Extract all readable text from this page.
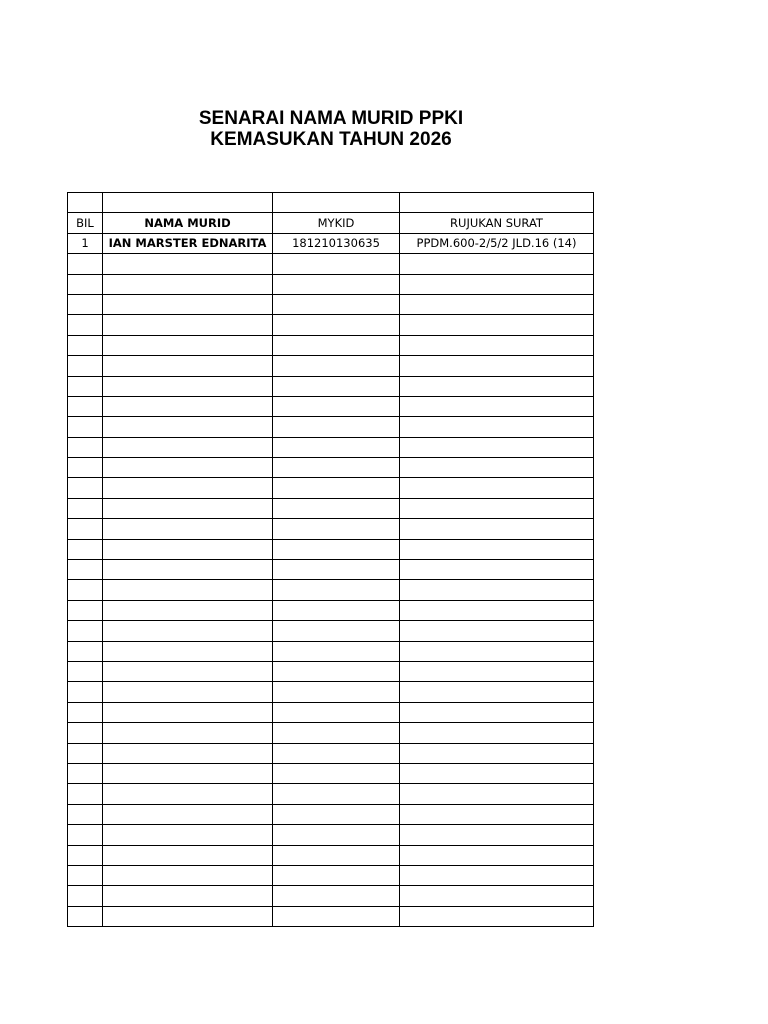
SENARAI NAMA MURID PPKI
KEMASUKAN TAHUN 2026

BIL	NAMA MURID	MYKID	RUJUKAN SURAT
1	IAN MARSTER EDNARITA	181210130635	PPDM.600-2/5/2 JLD.16 (14)
